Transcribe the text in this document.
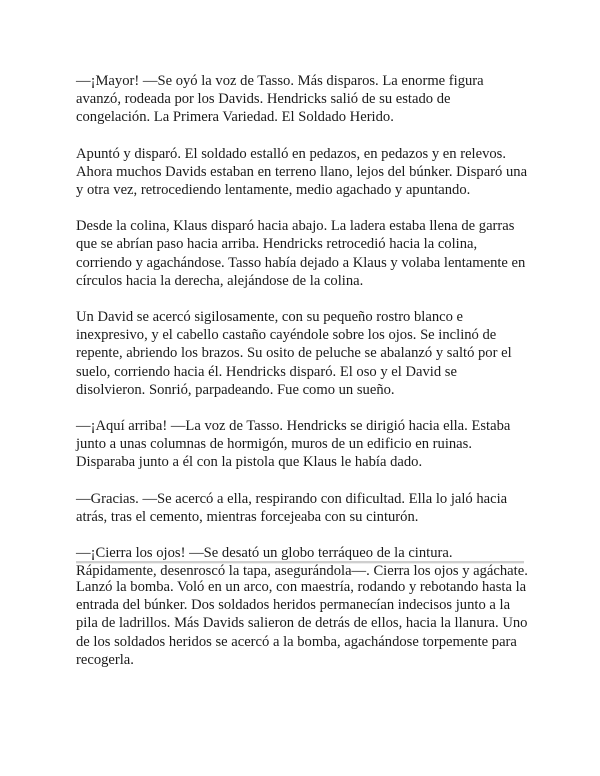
—¡Mayor! —Se oyó la voz de Tasso. Más disparos. La enorme figura avanzó, rodeada por los Davids. Hendricks salió de su estado de congelación. La Primera Variedad. El Soldado Herido.

Apuntó y disparó. El soldado estalló en pedazos, en pedazos y en relevos. Ahora muchos Davids estaban en terreno llano, lejos del búnker. Disparó una y otra vez, retrocediendo lentamente, medio agachado y apuntando.

Desde la colina, Klaus disparó hacia abajo. La ladera estaba llena de garras que se abrían paso hacia arriba. Hendricks retrocedió hacia la colina, corriendo y agachándose. Tasso había dejado a Klaus y volaba lentamente en círculos hacia la derecha, alejándose de la colina.

Un David se acercó sigilosamente, con su pequeño rostro blanco e inexpresivo, y el cabello castaño cayéndole sobre los ojos. Se inclinó de repente, abriendo los brazos. Su osito de peluche se abalanzó y saltó por el suelo, corriendo hacia él. Hendricks disparó. El oso y el David se disolvieron. Sonrió, parpadeando. Fue como un sueño.

—¡Aquí arriba! —La voz de Tasso. Hendricks se dirigió hacia ella. Estaba junto a unas columnas de hormigón, muros de un edificio en ruinas. Disparaba junto a él con la pistola que Klaus le había dado.

—Gracias. —Se acercó a ella, respirando con dificultad. Ella lo jaló hacia atrás, tras el cemento, mientras forcejeaba con su cinturón.

—¡Cierra los ojos! —Se desató un globo terráqueo de la cintura. Rápidamente, desenroscó la tapa, asegurándola—. Cierra los ojos y agáchate.

Lanzó la bomba. Voló en un arco, con maestría, rodando y rebotando hasta la entrada del búnker. Dos soldados heridos permanecían indecisos junto a la pila de ladrillos. Más Davids salieron de detrás de ellos, hacia la llanura. Uno de los soldados heridos se acercó a la bomba, agachándose torpemente para recogerla.
